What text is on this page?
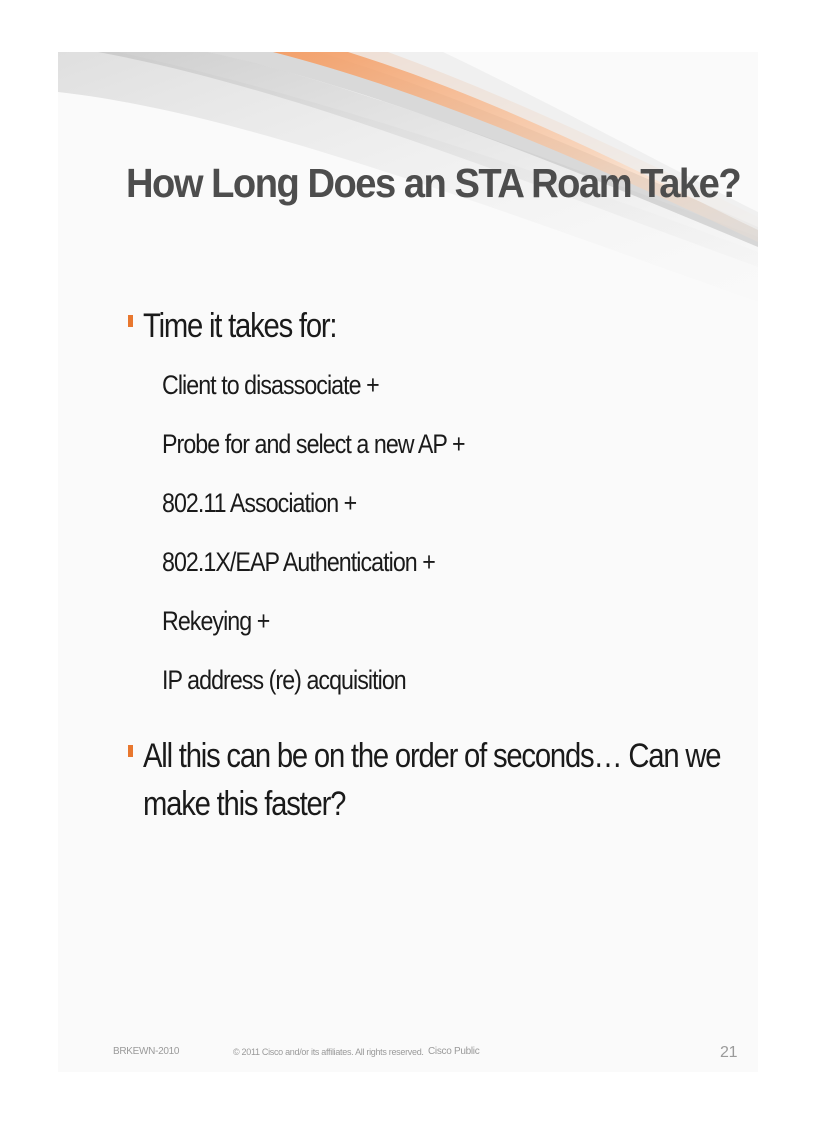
How Long Does an STA Roam Take?
Time it takes for:
Client to disassociate +
Probe for and select a new AP +
802.11 Association +
802.1X/EAP Authentication +
Rekeying +
IP address (re) acquisition
All this can be on the order of seconds… Can we
make this faster?
BRKEWN-2010	© 2011 Cisco and/or its affiliates. All rights reserved. Cisco Public	21
